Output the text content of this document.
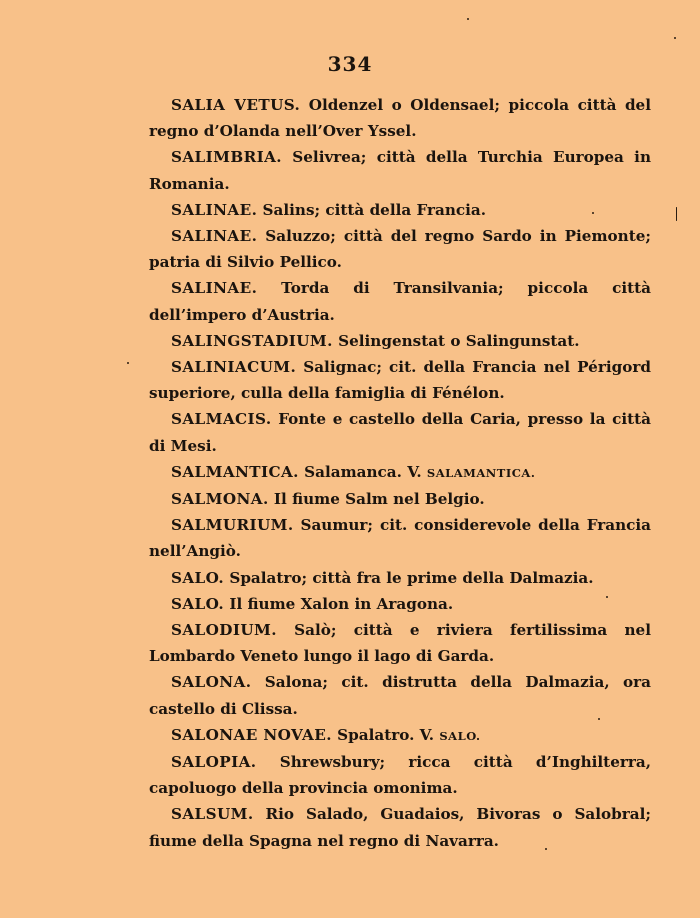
334

SALIA VETUS. Oldenzel o Oldensael; piccola città del regno d’Olanda nell’Over Yssel.

SALIMBRIA. Selivrea; città della Turchia Europea in Romania.

SALINAE. Salins; città della Francia.

SALINAE. Saluzzo; città del regno Sardo in Piemonte; patria di Silvio Pellico.

SALINAE. Torda di Transilvania; piccola città dell’impero d’Austria.

SALINGSTADIUM. Selingenstat o Salingunstat.

SALINIACUM. Salignac; cit. della Francia nel Périgord superiore, culla della famiglia di Fénélon.

SALMACIS. Fonte e castello della Caria, presso la città di Mesi.

SALMANTICA. Salamanca. V. SALAMANTICA.

SALMONA. Il fiume Salm nel Belgio.

SALMURIUM. Saumur; cit. considerevole della Francia nell’Angiò.

SALO. Spalatro; città fra le prime della Dalmazia.

SALO. Il fiume Xalon in Aragona.

SALODIUM. Salò; città e riviera fertilissima nel Lombardo Veneto lungo il lago di Garda.

SALONA. Salona; cit. distrutta della Dalmazia, ora castello di Clissa.

SALONAE NOVAE. Spalatro. V. SALO.

SALOPIA. Shrewsbury; ricca città d’Inghilterra, capoluogo della provincia omonima.

SALSUM. Rio Salado, Guadaios, Bivoras o Salobral; fiume della Spagna nel regno di Navarra.
